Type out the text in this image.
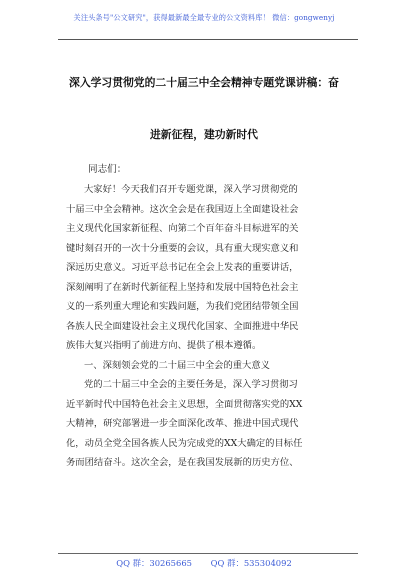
关注头条号"公文研究"，获得最新最全最专业的公文资料库！ 微信：gongwenyj
深入学习贯彻党的二十届三中全会精神专题党课讲稿：奋
进新征程，建功新时代
同志们：
大家好！今天我们召开专题党课，深入学习贯彻党的
十届三中全会精神。这次全会是在我国迈上全面建设社会
主义现代化国家新征程、向第二个百年奋斗目标进军的关
键时刻召开的一次十分重要的会议，具有重大现实意义和
深远历史意义。习近平总书记在全会上发表的重要讲话，
深刻阐明了在新时代新征程上坚持和发展中国特色社会主
义的一系列重大理论和实践问题，为我们党团结带领全国
各族人民全面建设社会主义现代化国家、全面推进中华民
族伟大复兴指明了前进方向、提供了根本遵循。
一、深刻领会党的二十届三中全会的重大意义
党的二十届三中全会的主要任务是，深入学习贯彻习
近平新时代中国特色社会主义思想，全面贯彻落实党的XX
大精神，研究部署进一步全面深化改革、推进中国式现代
化，动员全党全国各族人民为完成党的XX大确定的目标任
务而团结奋斗。这次全会，是在我国发展新的历史方位、
QQ 群：30265665 QQ 群：535304092
